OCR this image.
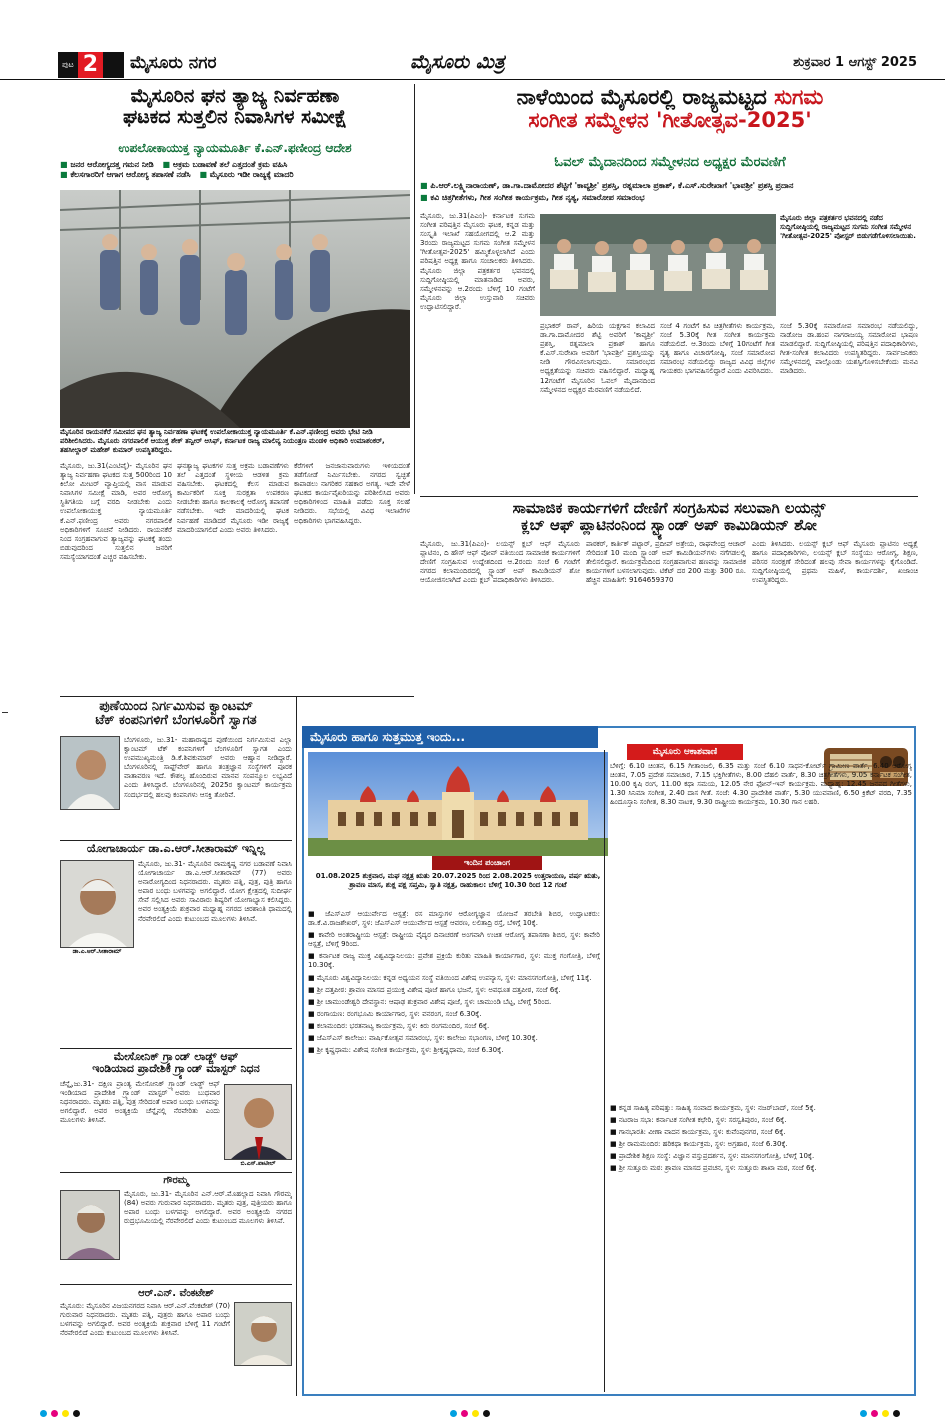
ಪುಟ 2 ಮೈಸೂರು ನಗರ	ಮೈಸೂರು ಮಿತ್ರ	ಶುಕ್ರವಾರ 1 ಆಗಸ್ಟ್ 2025
ಮೈಸೂರಿನ ಘನ ತ್ಯಾಜ್ಯ ನಿರ್ವಹಣಾ
ಘಟಕದ ಸುತ್ತಲಿನ ನಿವಾಸಿಗಳ ಸಮೀಕ್ಷೆ
ಉಪಲೋಕಾಯುಕ್ತ ನ್ಯಾಯಮೂರ್ತಿ ಕೆ.ಎನ್.ಫಣೀಂದ್ರ ಆದೇಶ
■ ಜನರ ಆರೋಗ್ಯದತ್ತ ಗಮನ ನೀಡಿ ■ ಅಕ್ರಮ ಬಡಾವಣೆ ತಲೆ ಎತ್ತದಂತೆ ಕ್ರಮ ವಹಿಸಿ ■ ಕೆಲಸಗಾರರಿಗೆ ಆಗಾಗ ಆರೋಗ್ಯ ತಪಾಸಣೆ ನಡೆಸಿ ■ ಮೈಸೂರು ಇಡೀ ರಾಜ್ಯಕ್ಕೆ ಮಾದರಿ
ಮೈಸೂರಿನ ರಾಯನಕೆರೆ ಸಮೀಪದ ಘನ ತ್ಯಾಜ್ಯ ನಿರ್ವಹಣಾ ಘಟಕಕ್ಕೆ ಉಪಲೋಕಾಯುಕ್ತ ನ್ಯಾಯಮೂರ್ತಿ ಕೆ.ಎನ್.ಫಣೀಂದ್ರ ಅವರು ಭೇಟಿ ನೀಡಿ ಪರಿಶೀಲಿಸಿದರು. ಮೈಸೂರು ನಗರಪಾಲಿಕೆ ಆಯುಕ್ತ ಶೇಕ್ ತನ್ವೀರ್ ಆಸಿಫ್, ಕರ್ನಾಟಕ ರಾಜ್ಯ ಮಾಲಿನ್ಯ ನಿಯಂತ್ರಣ ಮಂಡಳಿ ಅಧಿಕಾರಿ ಉಮಾಶಂಕರ್, ತಹಸೀಲ್ದಾರ್ ಮಹೇಶ್ ಕುಮಾರ್ ಉಪಸ್ಥಿತರಿದ್ದರು.
ಮೈಸೂರು, ಜು.31(ಎಂಟಿವೈ)- ಮೈಸೂರಿನ ಘನ ತ್ಯಾಜ್ಯ ನಿರ್ವಹಣಾ ಘಟಕದ ಸುತ್ತ 500ರಿಂದ 10 ಕಿಲೋ ಮೀಟರ್ ವ್ಯಾಪ್ತಿಯಲ್ಲಿ ವಾಸ ಮಾಡುವ ನಿವಾಸಿಗಳ ಸಮೀಕ್ಷೆ ಮಾಡಿ, ಅವರ ಆರೋಗ್ಯ ಸ್ಥಿತಿಗತಿಯ ಬಗ್ಗೆ ವರದಿ ನೀಡಬೇಕು ಎಂದು ಉಪಲೋಕಾಯುಕ್ತ ನ್ಯಾಯಮೂರ್ತಿ ಕೆ.ಎನ್.ಫಣೀಂದ್ರ ಅವರು ನಗರಪಾಲಿಕೆ ಅಧಿಕಾರಿಗಳಿಗೆ ಸೂಚನೆ ನೀಡಿದರು. ರಾಯನಕೆರೆ ನಿಂದ ಸಂಗ್ರಹವಾಗುವ ತ್ಯಾಜ್ಯವನ್ನು ಘಟಕಕ್ಕೆ ತಂದು ಬಿಡುವುದರಿಂದ ಸುತ್ತಲಿನ ಜನರಿಗೆ ಸಮಸ್ಯೆಯಾಗದಂತೆ ಎಚ್ಚರ ವಹಿಸಬೇಕು.
ಘನತ್ಯಾಜ್ಯ ಘಟಕಗಳ ಸುತ್ತ ಅಕ್ರಮ ಬಡಾವಣೆಗಳು ತಲೆ ಎತ್ತದಂತೆ ಸ್ಥಳೀಯ ಆಡಳಿತ ಕ್ರಮ ವಹಿಸಬೇಕು. ಘಟಕದಲ್ಲಿ ಕೆಲಸ ಮಾಡುವ ಕಾರ್ಮಿಕರಿಗೆ ಸೂಕ್ತ ಸುರಕ್ಷತಾ ಉಪಕರಣ ನೀಡಬೇಕು ಹಾಗೂ ಕಾಲಕಾಲಕ್ಕೆ ಆರೋಗ್ಯ ತಪಾಸಣೆ ನಡೆಸಬೇಕು. ಇದೇ ಮಾದರಿಯಲ್ಲಿ ಘಟಕ ನಿರ್ವಹಣೆ ಮಾಡಿದರೆ ಮೈಸೂರು ಇಡೀ ರಾಜ್ಯಕ್ಕೆ ಮಾದರಿಯಾಗಲಿದೆ ಎಂದು ಅವರು ತಿಳಿಸಿದರು.
ಕೆರೆಗಳಿಗೆ ಜನಜಾನುವಾರುಗಳು ಇಳಿಯದಂತೆ ತಡೆಗೋಡೆ ನಿರ್ಮಿಸಬೇಕು. ನಗರದ ಸ್ವಚ್ಛತೆ ಕಾಪಾಡಲು ನಾಗರಿಕರ ಸಹಕಾರ ಅಗತ್ಯ. ಇದೇ ವೇಳೆ ಘಟಕದ ಕಾರ್ಯವೈಖರಿಯನ್ನು ಪರಿಶೀಲಿಸಿದ ಅವರು ಅಧಿಕಾರಿಗಳಿಂದ ಮಾಹಿತಿ ಪಡೆದು ಸೂಕ್ತ ಸಲಹೆ ನೀಡಿದರು. ಸಭೆಯಲ್ಲಿ ವಿವಿಧ ಇಲಾಖೆಗಳ ಅಧಿಕಾರಿಗಳು ಭಾಗವಹಿಸಿದ್ದರು.
ನಾಳೆಯಿಂದ ಮೈಸೂರಲ್ಲಿ ರಾಜ್ಯಮಟ್ಟದ ಸುಗಮ
ಸಂಗೀತ ಸಮ್ಮೇಳನ 'ಗೀತೋತ್ಸವ-2025'
ಓವಲ್ ಮೈದಾನದಿಂದ ಸಮ್ಮೇಳನದ ಅಧ್ಯಕ್ಷರ ಮೆರವಣಿಗೆ
■ ಪಿ.ಆರ್.ಲಕ್ಷ್ಮಿನಾರಾಯಣ್, ಡಾ.ಗಾ.ದಾಮೋದರ ಶೆಟ್ಟಿಗೆ 'ಕಾವ್ಯಶ್ರೀ' ಪ್ರಶಸ್ತಿ, ರತ್ನಮಾಲಾ ಪ್ರಕಾಶ್, ಕೆ.ಎಸ್.ಸುರೇಖಾಗೆ 'ಭಾವಶ್ರೀ' ಪ್ರಶಸ್ತಿ ಪ್ರದಾನ ■ ಕವಿ ಚಿತ್ರಗೀತೆಗಳು, ಗೀತ ಸಂಗೀತ ಕಾರ್ಯಕ್ರಮ, ಗೀತ ನೃತ್ಯ, ಸಮಾರೋಪ ಸಮಾರಂಭ
ಮೈಸೂರು, ಜು.31(ಪಿಎಂ)- ಕರ್ನಾಟಕ ಸುಗಮ ಸಂಗೀತ ಪರಿಷತ್ತಿನ ಮೈಸೂರು ಘಟಕ, ಕನ್ನಡ ಮತ್ತು ಸಂಸ್ಕೃತಿ ಇಲಾಖೆ ಸಹಯೋಗದಲ್ಲಿ ಆ.2 ಮತ್ತು 3ರಂದು ರಾಜ್ಯಮಟ್ಟದ ಸುಗಮ ಸಂಗೀತ ಸಮ್ಮೇಳನ 'ಗೀತೋತ್ಸವ-2025' ಹಮ್ಮಿಕೊಳ್ಳಲಾಗಿದೆ ಎಂದು ಪರಿಷತ್ತಿನ ಅಧ್ಯಕ್ಷ ಹಾಗೂ ಸಂಚಾಲಕರು ತಿಳಿಸಿದರು. ಮೈಸೂರು ಜಿಲ್ಲಾ ಪತ್ರಕರ್ತರ ಭವನದಲ್ಲಿ ಸುದ್ದಿಗೋಷ್ಠಿಯಲ್ಲಿ ಮಾತನಾಡಿದ ಅವರು, ಸಮ್ಮೇಳನವನ್ನು ಆ.2ರಂದು ಬೆಳಿಗ್ಗೆ 10 ಗಂಟೆಗೆ ಮೈಸೂರು ಜಿಲ್ಲಾ ಉಸ್ತುವಾರಿ ಸಚಿವರು ಉದ್ಘಾಟಿಸಲಿದ್ದಾರೆ.
ಮೈಸೂರು ಜಿಲ್ಲಾ ಪತ್ರಕರ್ತರ ಭವನದಲ್ಲಿ ನಡೆದ ಸುದ್ದಿಗೋಷ್ಠಿಯಲ್ಲಿ ರಾಜ್ಯಮಟ್ಟದ ಸುಗಮ ಸಂಗೀತ ಸಮ್ಮೇಳನ 'ಗೀತೋತ್ಸವ-2025' ಪೋಸ್ಟರ್ ಬಿಡುಗಡೆಗೊಳಿಸಲಾಯಿತು.
ಪ್ರಭಾಕರ್ ರಾವ್, ಹಿರಿಯ ಯಕ್ಷಗಾನ ಕಲಾವಿದ ಡಾ.ಗಾ.ದಾಮೋದರ ಶೆಟ್ಟಿ ಅವರಿಗೆ 'ಕಾವ್ಯಶ್ರೀ' ಪ್ರಶಸ್ತಿ, ರತ್ನಮಾಲಾ ಪ್ರಕಾಶ್ ಹಾಗೂ ಕೆ.ಎಸ್.ಸುರೇಖಾ ಅವರಿಗೆ 'ಭಾವಶ್ರೀ' ಪ್ರಶಸ್ತಿಯನ್ನು ನೀಡಿ ಗೌರವಿಸಲಾಗುವುದು. ಸಮಾರಂಭದ ಅಧ್ಯಕ್ಷತೆಯನ್ನು ಸಚಿವರು ವಹಿಸಲಿದ್ದಾರೆ. ಮಧ್ಯಾಹ್ನ 12ಗಂಟೆಗೆ ಮೈಸೂರಿನ ಓವಲ್ ಮೈದಾನದಿಂದ ಸಮ್ಮೇಳನದ ಅಧ್ಯಕ್ಷರ ಮೆರವಣಿಗೆ ನಡೆಯಲಿದೆ.
ಸಂಜೆ 4 ಗಂಟೆಗೆ ಕವಿ ಚಿತ್ರಗೀತೆಗಳು ಕಾರ್ಯಕ್ರಮ, ಸಂಜೆ 5.30ಕ್ಕೆ ಗೀತ ಸಂಗೀತ ಕಾರ್ಯಕ್ರಮ ನಡೆಯಲಿದೆ. ಆ.3ರಂದು ಬೆಳಿಗ್ಗೆ 10ಗಂಟೆಗೆ ಗೀತ ನೃತ್ಯ ಹಾಗೂ ವಿಚಾರಗೋಷ್ಠಿ, ಸಂಜೆ ಸಮಾರೋಪ ಸಮಾರಂಭ ನಡೆಯಲಿದ್ದು ರಾಜ್ಯದ ವಿವಿಧ ಜಿಲ್ಲೆಗಳ ಗಾಯಕರು ಭಾಗವಹಿಸಲಿದ್ದಾರೆ ಎಂದು ವಿವರಿಸಿದರು.
ಸಂಜೆ 5.30ಕ್ಕೆ ಸಮಾರೋಪ ಸಮಾರಂಭ ನಡೆಯಲಿದ್ದು, ನಾಡೋಜ ಡಾ.ಹಂಪ ನಾಗರಾಜಯ್ಯ ಸಮಾರೋಪ ಭಾಷಣ ಮಾಡಲಿದ್ದಾರೆ. ಸುದ್ದಿಗೋಷ್ಠಿಯಲ್ಲಿ ಪರಿಷತ್ತಿನ ಪದಾಧಿಕಾರಿಗಳು, ಗೀತ-ಸಂಗೀತ ಕಲಾವಿದರು ಉಪಸ್ಥಿತರಿದ್ದರು. ಸಾರ್ವಜನಿಕರು ಸಮ್ಮೇಳನದಲ್ಲಿ ಪಾಲ್ಗೊಂಡು ಯಶಸ್ವಿಗೊಳಿಸಬೇಕೆಂದು ಮನವಿ ಮಾಡಿದರು.
ಸಾಮಾಜಿಕ ಕಾರ್ಯಗಳಿಗೆ ದೇಣಿಗೆ ಸಂಗ್ರಹಿಸುವ ಸಲುವಾಗಿ ಲಯನ್ಸ್
ಕ್ಲಬ್ ಆಫ್ ಪ್ಲಾಟಿನಂನಿಂದ ಸ್ಟ್ಯಾಂಡ್ ಅಪ್ ಕಾಮಿಡಿಯನ್ ಶೋ
ಮೈಸೂರು, ಜು.31(ಪಿಎಂ)- ಲಯನ್ಸ್ ಕ್ಲಬ್ ಆಫ್ ಮೈಸೂರು ಪ್ಲಾಟಿನಂ, ದಿ ಹೌಸ್ ಆಫ್ ವೋವ್ ವತಿಯಿಂದ ಸಾಮಾಜಿಕ ಕಾರ್ಯಗಳಿಗೆ ದೇಣಿಗೆ ಸಂಗ್ರಹಿಸುವ ಉದ್ದೇಶದಿಂದ ಆ.2ರಂದು ಸಂಜೆ 6 ಗಂಟೆಗೆ ನಗರದ ಕಲಾಮಂದಿರದಲ್ಲಿ ಸ್ಟ್ಯಾಂಡ್ ಅಪ್ ಕಾಮಿಡಿಯನ್ ಶೋ ಆಯೋಜಿಸಲಾಗಿದೆ ಎಂದು ಕ್ಲಬ್ ಪದಾಧಿಕಾರಿಗಳು ತಿಳಿಸಿದರು.
ಪಾಠಕರ್, ಕಾರ್ತಿಕ್ ಪಟ್ಟಾರ್, ಪ್ರದೀಪ್ ಅತ್ರೇಯ, ರಾಘವೇಂದ್ರ ಆಚಾರ್ ಸೇರಿದಂತೆ 10 ಮಂದಿ ಸ್ಟ್ಯಾಂಡ್ ಅಪ್ ಕಾಮಿಡಿಯನ್‌ಗಳು ನಗೆಗಡಲಲ್ಲಿ ತೇಲಿಸಲಿದ್ದಾರೆ. ಕಾರ್ಯಕ್ರಮದಿಂದ ಸಂಗ್ರಹವಾಗುವ ಹಣವನ್ನು ಸಾಮಾಜಿಕ ಕಾರ್ಯಗಳಿಗೆ ಬಳಸಲಾಗುವುದು. ಟಿಕೆಟ್ ದರ 200 ಮತ್ತು 300 ರೂ. ಹೆಚ್ಚಿನ ಮಾಹಿತಿಗೆ: 9164659370
ಎಂದು ತಿಳಿಸಿದರು. ಲಯನ್ಸ್ ಕ್ಲಬ್ ಆಫ್ ಮೈಸೂರು ಪ್ಲಾಟಿನಂ ಅಧ್ಯಕ್ಷೆ ಹಾಗೂ ಪದಾಧಿಕಾರಿಗಳು, ಲಯನ್ಸ್ ಕ್ಲಬ್ ಸಂಸ್ಥೆಯು ಆರೋಗ್ಯ, ಶಿಕ್ಷಣ, ಪರಿಸರ ಸಂರಕ್ಷಣೆ ಸೇರಿದಂತೆ ಹಲವು ಸೇವಾ ಕಾರ್ಯಗಳನ್ನು ಕೈಗೊಂಡಿದೆ. ಸುದ್ದಿಗೋಷ್ಠಿಯಲ್ಲಿ ಪ್ರಥಮ ಮಹಿಳೆ, ಕಾರ್ಯದರ್ಶಿ, ಖಜಾಂಚಿ ಉಪಸ್ಥಿತರಿದ್ದರು.
ಪುಣೆಯಿಂದ ನಿರ್ಗಮಿಸುವ ಕ್ವಾಂಟಮ್
ಟೆಕ್ ಕಂಪನಿಗಳಿಗೆ ಬೆಂಗಳೂರಿಗೆ ಸ್ವಾಗತ
ಬೆಂಗಳೂರು, ಜು.31- ಮಹಾರಾಷ್ಟ್ರದ ಪುಣೆಯಿಂದ ನಿರ್ಗಮಿಸುವ ಎಲ್ಲಾ ಕ್ವಾಂಟಮ್ ಟೆಕ್ ಕಂಪನಿಗಳಿಗೆ ಬೆಂಗಳೂರಿಗೆ ಸ್ವಾಗತ ಎಂದು ಉಪಮುಖ್ಯಮಂತ್ರಿ ಡಿ.ಕೆ.ಶಿವಕುಮಾರ್ ಅವರು ಆಹ್ವಾನ ನೀಡಿದ್ದಾರೆ. ಬೆಂಗಳೂರಿನಲ್ಲಿ ಸಾಫ್ಟ್‌ವೇರ್ ಹಾಗೂ ತಂತ್ರಜ್ಞಾನ ಸಂಸ್ಥೆಗಳಿಗೆ ಪೂರಕ ವಾತಾವರಣ ಇದೆ. ಕೌಶಲ್ಯ ಹೊಂದಿರುವ ಮಾನವ ಸಂಪನ್ಮೂಲ ಲಭ್ಯವಿದೆ ಎಂದು ತಿಳಿಸಿದ್ದಾರೆ. ಬೆಂಗಳೂರಿನಲ್ಲಿ 2025ರ ಕ್ವಾಂಟಮ್ ಕಾರ್ಯಕ್ರಮ ಸಂದರ್ಭದಲ್ಲಿ ಹಲವು ಕಂಪನಿಗಳು ಆಸಕ್ತಿ ತೋರಿವೆ.
ಯೋಗಾಚಾರ್ಯ ಡಾ.ಎ.ಆರ್.ಸೀತಾರಾಮ್ ಇನ್ನಿಲ್ಲ
ಡಾ.ಎ.ಆರ್.ಸೀತಾರಾಮ್
ಮೈಸೂರು, ಜು.31- ಮೈಸೂರಿನ ರಾಮಕೃಷ್ಣ ನಗರ ಬಡಾವಣೆ ನಿವಾಸಿ ಯೋಗಾಚಾರ್ಯ ಡಾ.ಎ.ಆರ್.ಸೀತಾರಾಮ್ (77) ಅವರು ಅನಾರೋಗ್ಯದಿಂದ ನಿಧನರಾದರು. ಮೃತರು ಪತ್ನಿ, ಪುತ್ರ, ಪುತ್ರಿ ಹಾಗೂ ಅಪಾರ ಬಂಧು ಬಳಗವನ್ನು ಅಗಲಿದ್ದಾರೆ. ಯೋಗ ಕ್ಷೇತ್ರದಲ್ಲಿ ಸುದೀರ್ಘ ಸೇವೆ ಸಲ್ಲಿಸಿದ ಅವರು ಸಾವಿರಾರು ಶಿಷ್ಯರಿಗೆ ಯೋಗಾಭ್ಯಾಸ ಕಲಿಸಿದ್ದರು. ಅವರ ಅಂತ್ಯಕ್ರಿಯೆ ಶುಕ್ರವಾರ ಮಧ್ಯಾಹ್ನ ನಗರದ ಚಿರಶಾಂತಿ ಧಾಮದಲ್ಲಿ ನೆರವೇರಲಿದೆ ಎಂದು ಕುಟುಂಬದ ಮೂಲಗಳು ತಿಳಿಸಿವೆ.
ಮೇಸೋನಿಕ್ ಗ್ರ್ಯಾಂಡ್ ಲಾಡ್ಜ್ ಆಫ್
ಇಂಡಿಯಾದ ಪ್ರಾದೇಶಿಕ ಗ್ರ್ಯಾಂಡ್ ಮಾಸ್ಟರ್ ನಿಧನ
ಚೆನ್ನೈ,ಜು.31- ದಕ್ಷಿಣ ಪ್ರಾಂತ್ಯ ಮೇಸೋನಿಕ್ ಗ್ರ್ಯಾಂಡ್ ಲಾಡ್ಜ್ ಆಫ್ ಇಂಡಿಯಾದ ಪ್ರಾದೇಶಿಕ ಗ್ರ್ಯಾಂಡ್ ಮಾಸ್ಟರ್ ಅವರು ಬುಧವಾರ ನಿಧನರಾದರು. ಮೃತರು ಪತ್ನಿ, ಪುತ್ರ ಸೇರಿದಂತೆ ಅಪಾರ ಬಂಧು ಬಳಗವನ್ನು ಅಗಲಿದ್ದಾರೆ. ಅವರ ಅಂತ್ಯಕ್ರಿಯೆ ಚೆನ್ನೈನಲ್ಲಿ ನೆರವೇರಿತು ಎಂದು ಮೂಲಗಳು ತಿಳಿಸಿವೆ.
ಬಿ.ಎಸ್.ಪಾಟೀಲ್
ಗೌರಮ್ಮ
ಮೈಸೂರು, ಜು.31- ಮೈಸೂರಿನ ಎನ್.ಆರ್.ಮೊಹಲ್ಲಾದ ನಿವಾಸಿ ಗೌರಮ್ಮ (84) ಅವರು ಗುರುವಾರ ನಿಧನರಾದರು. ಮೃತರು ಪುತ್ರ, ಪುತ್ರಿಯರು ಹಾಗೂ ಅಪಾರ ಬಂಧು ಬಳಗವನ್ನು ಅಗಲಿದ್ದಾರೆ. ಅವರ ಅಂತ್ಯಕ್ರಿಯೆ ನಗರದ ರುದ್ರಭೂಮಿಯಲ್ಲಿ ನೆರವೇರಲಿದೆ ಎಂದು ಕುಟುಂಬದ ಮೂಲಗಳು ತಿಳಿಸಿವೆ.
ಆರ್.ಎನ್. ವೆಂಕಟೇಶ್
ಮೈಸೂರು: ಮೈಸೂರಿನ ವಿಜಯನಗರದ ನಿವಾಸಿ ಆರ್.ಎನ್.ವೆಂಕಟೇಶ್ (70) ಗುರುವಾರ ನಿಧನರಾದರು. ಮೃತರು ಪತ್ನಿ, ಪುತ್ರರು ಹಾಗೂ ಅಪಾರ ಬಂಧು ಬಳಗವನ್ನು ಅಗಲಿದ್ದಾರೆ. ಅವರ ಅಂತ್ಯಕ್ರಿಯೆ ಶುಕ್ರವಾರ ಬೆಳಿಗ್ಗೆ 11 ಗಂಟೆಗೆ ನೆರವೇರಲಿದೆ ಎಂದು ಕುಟುಂಬದ ಮೂಲಗಳು ತಿಳಿಸಿವೆ.
ಮೈಸೂರು ಹಾಗೂ ಸುತ್ತಮುತ್ತ ಇಂದು...
ಇಂದಿನ ಪಂಚಾಂಗ
01.08.2025 ಶುಕ್ರವಾರ, ಮಘ ನಕ್ಷತ್ರ ಋತು 20.07.2025 ರಿಂದ 2.08.2025 ಉತ್ತರಾಯಣ, ವರ್ಷ ಋತು, ಶ್ರಾವಣ ಮಾಸ, ಶುಕ್ಲ ಪಕ್ಷ ಸಪ್ತಮಿ, ಸ್ವಾತಿ ನಕ್ಷತ್ರ, ರಾಹುಕಾಲ: ಬೆಳಿಗ್ಗೆ 10.30 ರಿಂದ 12 ಗಂಟೆ
■ ಜೆಎಸ್‌ಎಸ್ ಆಯುರ್ವೇದ ಆಸ್ಪತ್ರೆ: ರಸ ಮಾಸ್ತುಗಳ ಆರೋಗ್ಯಜ್ಞಾನ ಯೋಜನೆ ತರಬೇತಿ ಶಿಬಿರ, ಉದ್ಘಾಟಕರು: ಡಾ.ಕೆ.ವಿ.ರಾಜಶೇಖರ್, ಸ್ಥಳ: ಜೆಎಸ್‌ಎಸ್ ಆಯುರ್ವೇದ ಆಸ್ಪತ್ರೆ ಆವರಣ, ಲಲಿತಾದ್ರಿ ರಸ್ತೆ, ಬೆಳಿಗ್ಗೆ 10ಕ್ಕೆ.
■ ಕಾವೇರಿ ಅಂತರಾಷ್ಟ್ರೀಯ ಆಸ್ಪತ್ರೆ: ರಾಷ್ಟ್ರೀಯ ವೈದ್ಯರ ದಿನಾಚರಣೆ ಅಂಗವಾಗಿ ಉಚಿತ ಆರೋಗ್ಯ ತಪಾಸಣಾ ಶಿಬಿರ, ಸ್ಥಳ: ಕಾವೇರಿ ಆಸ್ಪತ್ರೆ, ಬೆಳಿಗ್ಗೆ 9ರಿಂದ.
■ ಕರ್ನಾಟಕ ರಾಜ್ಯ ಮುಕ್ತ ವಿಶ್ವವಿದ್ಯಾನಿಲಯ: ಪ್ರವೇಶ ಪ್ರಕ್ರಿಯೆ ಕುರಿತು ಮಾಹಿತಿ ಕಾರ್ಯಾಗಾರ, ಸ್ಥಳ: ಮುಕ್ತ ಗಂಗೋತ್ರಿ, ಬೆಳಿಗ್ಗೆ 10.30ಕ್ಕೆ.
■ ಮೈಸೂರು ವಿಶ್ವವಿದ್ಯಾನಿಲಯ: ಕನ್ನಡ ಅಧ್ಯಯನ ಸಂಸ್ಥೆ ವತಿಯಿಂದ ವಿಶೇಷ ಉಪನ್ಯಾಸ, ಸ್ಥಳ: ಮಾನಸಗಂಗೋತ್ರಿ, ಬೆಳಿಗ್ಗೆ 11ಕ್ಕೆ.
■ ಶ್ರೀ ದತ್ತಪೀಠ: ಶ್ರಾವಣ ಮಾಸದ ಪ್ರಯುಕ್ತ ವಿಶೇಷ ಪೂಜೆ ಹಾಗೂ ಭಜನೆ, ಸ್ಥಳ: ಅವಧೂತ ದತ್ತಪೀಠ, ಸಂಜೆ 6ಕ್ಕೆ.
■ ಶ್ರೀ ಚಾಮುಂಡೇಶ್ವರಿ ದೇವಸ್ಥಾನ: ಆಷಾಢ ಶುಕ್ರವಾರ ವಿಶೇಷ ಪೂಜೆ, ಸ್ಥಳ: ಚಾಮುಂಡಿ ಬೆಟ್ಟ, ಬೆಳಿಗ್ಗೆ 5ರಿಂದ.
■ ರಂಗಾಯಣ: ರಂಗಭೂಮಿ ಕಾರ್ಯಾಗಾರ, ಸ್ಥಳ: ವನರಂಗ, ಸಂಜೆ 6.30ಕ್ಕೆ.
■ ಕಲಾಮಂದಿರ: ಭರತನಾಟ್ಯ ಕಾರ್ಯಕ್ರಮ, ಸ್ಥಳ: ಕಿರು ರಂಗಮಂದಿರ, ಸಂಜೆ 6ಕ್ಕೆ.
■ ಜೆಎಸ್‌ಎಸ್ ಕಾಲೇಜು: ವಾರ್ಷಿಕೋತ್ಸವ ಸಮಾರಂಭ, ಸ್ಥಳ: ಕಾಲೇಜು ಸಭಾಂಗಣ, ಬೆಳಿಗ್ಗೆ 10.30ಕ್ಕೆ.
■ ಶ್ರೀ ಕೃಷ್ಣಧಾಮ: ವಿಶೇಷ ಸಂಗೀತ ಕಾರ್ಯಕ್ರಮ, ಸ್ಥಳ: ಶ್ರೀಕೃಷ್ಣಧಾಮ, ಸಂಜೆ 6.30ಕ್ಕೆ.
ಮೈಸೂರು ಆಕಾಶವಾಣಿ
ಬೆಳಿಗ್ಗೆ: 6.10 ಚಿಂತನ, 6.15 ಗೀತಾಂಜಲಿ, 6.35 ಮತ್ತು ಸಂಜೆ 6.10 ಸಾಧನ-ಕೋರ್ಟ್ ಗ್ರಾಮೀಣ ವಾರ್ತೆ, 6.40 ಆರೋಗ್ಯ ಚಿಂತನ, 7.05 ಪ್ರದೇಶ ಸಮಾಚಾರ, 7.15 ಭಕ್ತಿಗೀತೆಗಳು, 8.00 ದೆಹಲಿ ವಾರ್ತೆ, 8.30 ಚಿತ್ರಗೀತೆಗಳು, 9.05 ಕರ್ನಾಟಕ ಸಂಗೀತ, 10.00 ಕೃಷಿ ರಂಗ, 11.00 ಕಥಾ ಸಮಯ, 12.05 ನೇರ ಫೋನ್-ಇನ್ ಕಾರ್ಯಕ್ರಮ. ಮಧ್ಯಾಹ್ನ: 12.45 ಜನಪದ ಗೀತೆಗಳು, 1.30 ಸಿನಿಮಾ ಸಂಗೀತ, 2.40 ದಾಸ ಗೀತೆ. ಸಂಜೆ: 4.30 ಪ್ರಾದೇಶಿಕ ವಾರ್ತೆ, 5.30 ಯುವವಾಣಿ, 6.50 ಕ್ರಿಕೆಟ್ ವರದಿ, 7.35 ಹಿಂದೂಸ್ತಾನಿ ಸಂಗೀತ, 8.30 ನಾಟಕ, 9.30 ರಾಷ್ಟ್ರೀಯ ಕಾರ್ಯಕ್ರಮ, 10.30 ಗಾನ ಲಹರಿ.
■ ಕನ್ನಡ ಸಾಹಿತ್ಯ ಪರಿಷತ್ತು: ಸಾಹಿತ್ಯ ಸಂವಾದ ಕಾರ್ಯಕ್ರಮ, ಸ್ಥಳ: ನಜರ್‌ಬಾದ್, ಸಂಜೆ 5ಕ್ಕೆ.
■ ನಟರಾಜ ಸಭಾ: ಕರ್ನಾಟಕ ಸಂಗೀತ ಕಛೇರಿ, ಸ್ಥಳ: ಸರಸ್ವತಿಪುರಂ, ಸಂಜೆ 6ಕ್ಕೆ.
■ ಗಾನಭಾರತಿ: ವೀಣಾ ವಾದನ ಕಾರ್ಯಕ್ರಮ, ಸ್ಥಳ: ಕುವೆಂಪುನಗರ, ಸಂಜೆ 6ಕ್ಕೆ.
■ ಶ್ರೀ ರಾಮಮಂದಿರ: ಹರಿಕಥಾ ಕಾರ್ಯಕ್ರಮ, ಸ್ಥಳ: ಅಗ್ರಹಾರ, ಸಂಜೆ 6.30ಕ್ಕೆ.
■ ಪ್ರಾದೇಶಿಕ ಶಿಕ್ಷಣ ಸಂಸ್ಥೆ: ವಿಜ್ಞಾನ ವಸ್ತುಪ್ರದರ್ಶನ, ಸ್ಥಳ: ಮಾನಸಗಂಗೋತ್ರಿ, ಬೆಳಿಗ್ಗೆ 10ಕ್ಕೆ.
■ ಶ್ರೀ ಸುತ್ತೂರು ಮಠ: ಶ್ರಾವಣ ಮಾಸದ ಪ್ರವಚನ, ಸ್ಥಳ: ಸುತ್ತೂರು ಶಾಖಾ ಮಠ, ಸಂಜೆ 6ಕ್ಕೆ.
